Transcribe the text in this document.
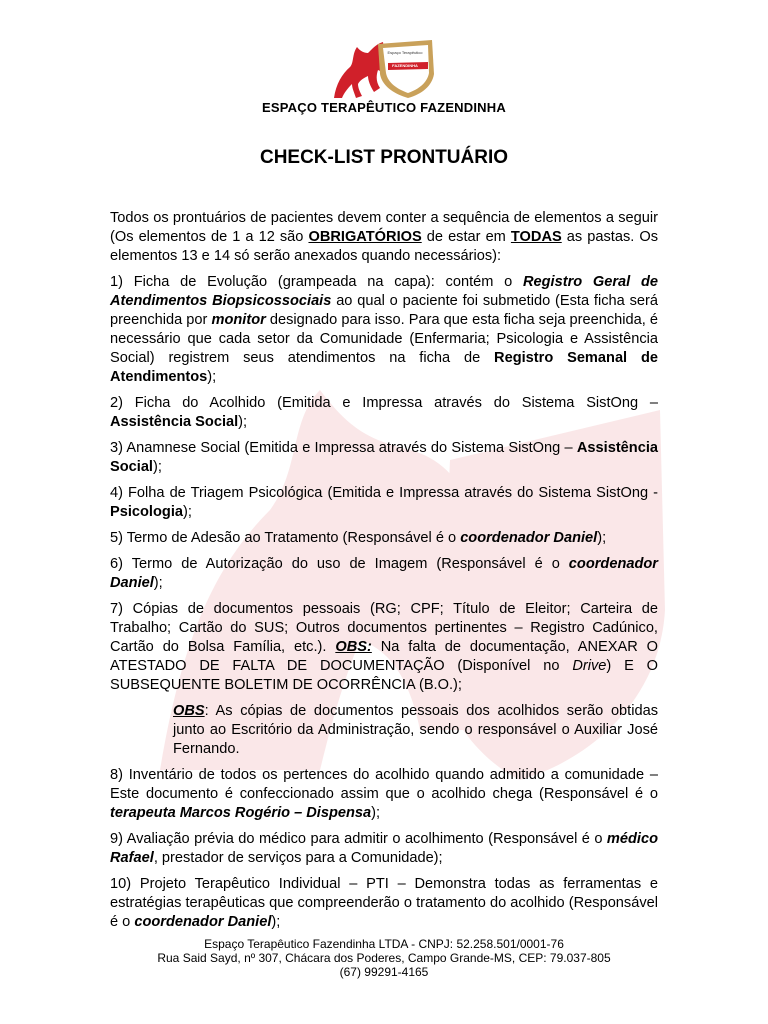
Espaço Terapêutico
FAZENDINHA
ESPAÇO TERAPÊUTICO FAZENDINHA
CHECK-LIST PRONTUÁRIO

Todos os prontuários de pacientes devem conter a sequência de elementos a seguir (Os elementos de 1 a 12 são OBRIGATÓRIOS de estar em TODAS as pastas. Os elementos 13 e 14 só serão anexados quando necessários):

1) Ficha de Evolução (grampeada na capa): contém o Registro Geral de Atendimentos Biopsicossociais ao qual o paciente foi submetido (Esta ficha será preenchida por monitor designado para isso. Para que esta ficha seja preenchida, é necessário que cada setor da Comunidade (Enfermaria; Psicologia e Assistência Social) registrem seus atendimentos na ficha de Registro Semanal de Atendimentos);

2) Ficha do Acolhido (Emitida e Impressa através do Sistema SistOng – Assistência Social);

3) Anamnese Social (Emitida e Impressa através do Sistema SistOng – Assistência Social);

4) Folha de Triagem Psicológica (Emitida e Impressa através do Sistema SistOng - Psicologia);

5) Termo de Adesão ao Tratamento (Responsável é o coordenador Daniel);

6) Termo de Autorização do uso de Imagem (Responsável é o coordenador Daniel);

7) Cópias de documentos pessoais (RG; CPF; Título de Eleitor; Carteira de Trabalho; Cartão do SUS; Outros documentos pertinentes – Registro Cadúnico, Cartão do Bolsa Família, etc.). OBS: Na falta de documentação, ANEXAR O ATESTADO DE FALTA DE DOCUMENTAÇÃO (Disponível no Drive) E O SUBSEQUENTE BOLETIM DE OCORRÊNCIA (B.O.);

OBS: As cópias de documentos pessoais dos acolhidos serão obtidas junto ao Escritório da Administração, sendo o responsável o Auxiliar José Fernando.

8) Inventário de todos os pertences do acolhido quando admitido a comunidade – Este documento é confeccionado assim que o acolhido chega (Responsável é o terapeuta Marcos Rogério – Dispensa);

9) Avaliação prévia do médico para admitir o acolhimento (Responsável é o médico Rafael, prestador de serviços para a Comunidade);

10) Projeto Terapêutico Individual – PTI – Demonstra todas as ferramentas e estratégias terapêuticas que compreenderão o tratamento do acolhido (Responsável é o coordenador Daniel);

Espaço Terapêutico Fazendinha LTDA - CNPJ: 52.258.501/0001-76
Rua Said Sayd, nº 307, Chácara dos Poderes, Campo Grande-MS, CEP: 79.037-805
(67) 99291-4165
